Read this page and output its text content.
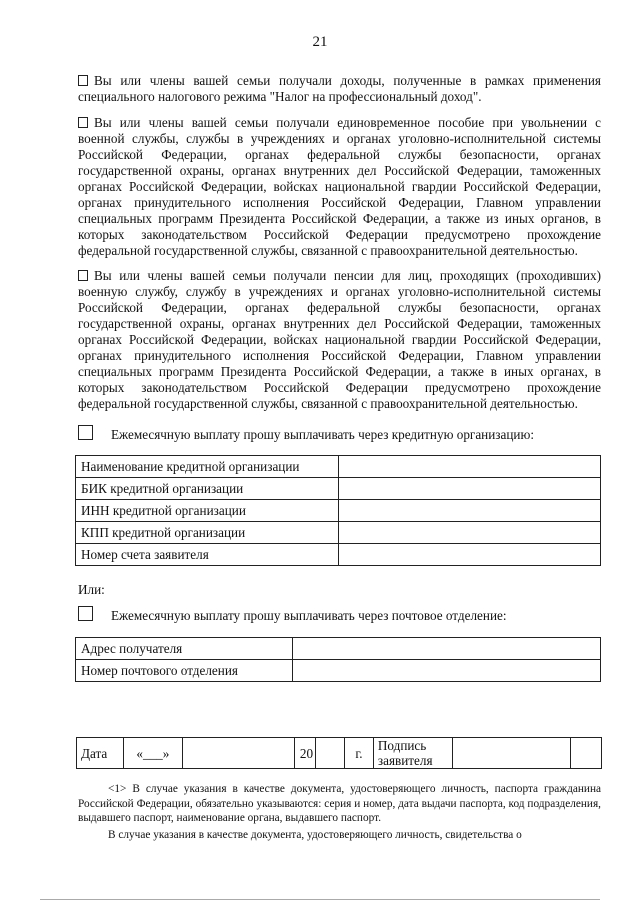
21

Вы или члены вашей семьи получали доходы, полученные в рамках применения специального налогового режима "Налог на профессиональный доход".

Вы или члены вашей семьи получали единовременное пособие при увольнении с военной службы, службы в учреждениях и органах уголовно-исполнительной системы Российской Федерации, органах федеральной службы безопасности, органах государственной охраны, органах внутренних дел Российской Федерации, таможенных органах Российской Федерации, войсках национальной гвардии Российской Федерации, органах принудительного исполнения Российской Федерации, Главном управлении специальных программ Президента Российской Федерации, а также из иных органов, в которых законодательством Российской Федерации предусмотрено прохождение федеральной государственной службы, связанной с правоохранительной деятельностью.

Вы или члены вашей семьи получали пенсии для лиц, проходящих (проходивших) военную службу, службу в учреждениях и органах уголовно-исполнительной системы Российской Федерации, органах федеральной службы безопасности, органах государственной охраны, органах внутренних дел Российской Федерации, таможенных органах Российской Федерации, войсках национальной гвардии Российской Федерации, органах принудительного исполнения Российской Федерации, Главном управлении специальных программ Президента Российской Федерации, а также в иных органах, в которых законодательством Российской Федерации предусмотрено прохождение федеральной государственной службы, связанной с правоохранительной деятельностью.

Ежемесячную выплату прошу выплачивать через кредитную организацию:
Наименование кредитной организации	
БИК кредитной организации	
ИНН кредитной организации	
КПП кредитной организации	
Номер счета заявителя	
Или:
Ежемесячную выплату прошу выплачивать через почтовое отделение:
Адрес получателя	
Номер почтового отделения	
Дата	«___»		20		г.	Подпись заявителя		

<1> В случае указания в качестве документа, удостоверяющего личность, паспорта гражданина Российской Федерации, обязательно указываются: серия и номер, дата выдачи паспорта, код подразделения, выдавшего паспорт, наименование органа, выдавшего паспорт.

В случае указания в качестве документа, удостоверяющего личность, свидетельства о
